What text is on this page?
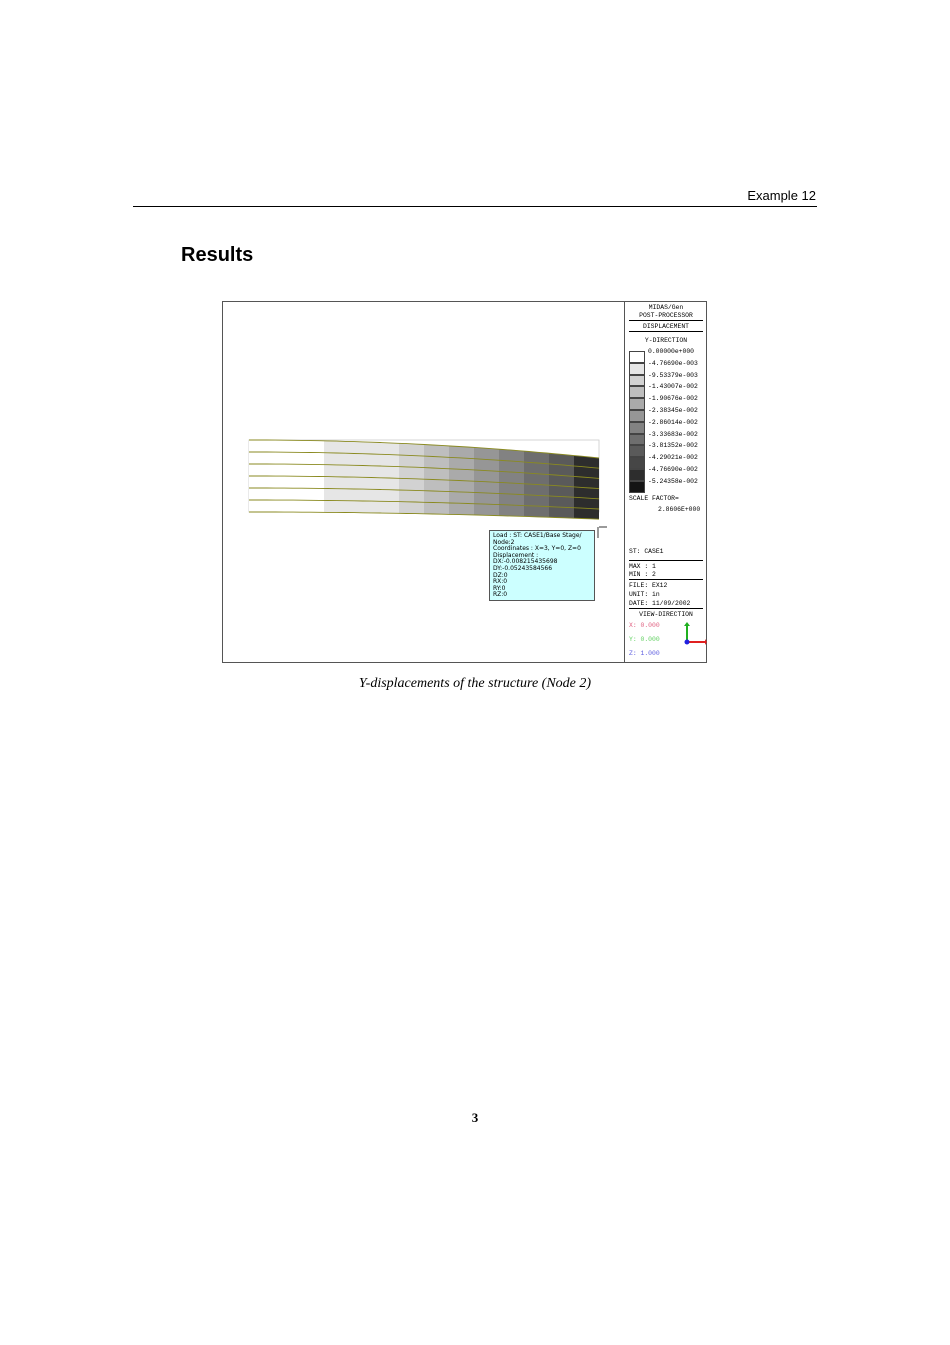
Example 12
Results
Load : ST: CASE1/Base Stage/
Node:2
Coordinates : X=3, Y=0, Z=0
Displacement :
DX:-0.008215435698
DY:-0.05243584566
DZ:0
RX:0
RY:0
RZ:0
MIDAS/Gen
POST-PROCESSOR
DISPLACEMENT
Y-DIRECTION
0.00000e+000
-4.76690e-003
-9.53379e-003
-1.43007e-002
-1.90676e-002
-2.38345e-002
-2.86014e-002
-3.33683e-002
-3.81352e-002
-4.29021e-002
-4.76690e-002
-5.24358e-002
SCALE FACTOR=
2.8606E+000
ST: CASE1
MAX : 1
MIN : 2
FILE: EX12
UNIT: in
DATE: 11/09/2002
VIEW-DIRECTION
X: 0.000
Y: 0.000
Z: 1.000
Y-displacements of the structure (Node 2)
3
